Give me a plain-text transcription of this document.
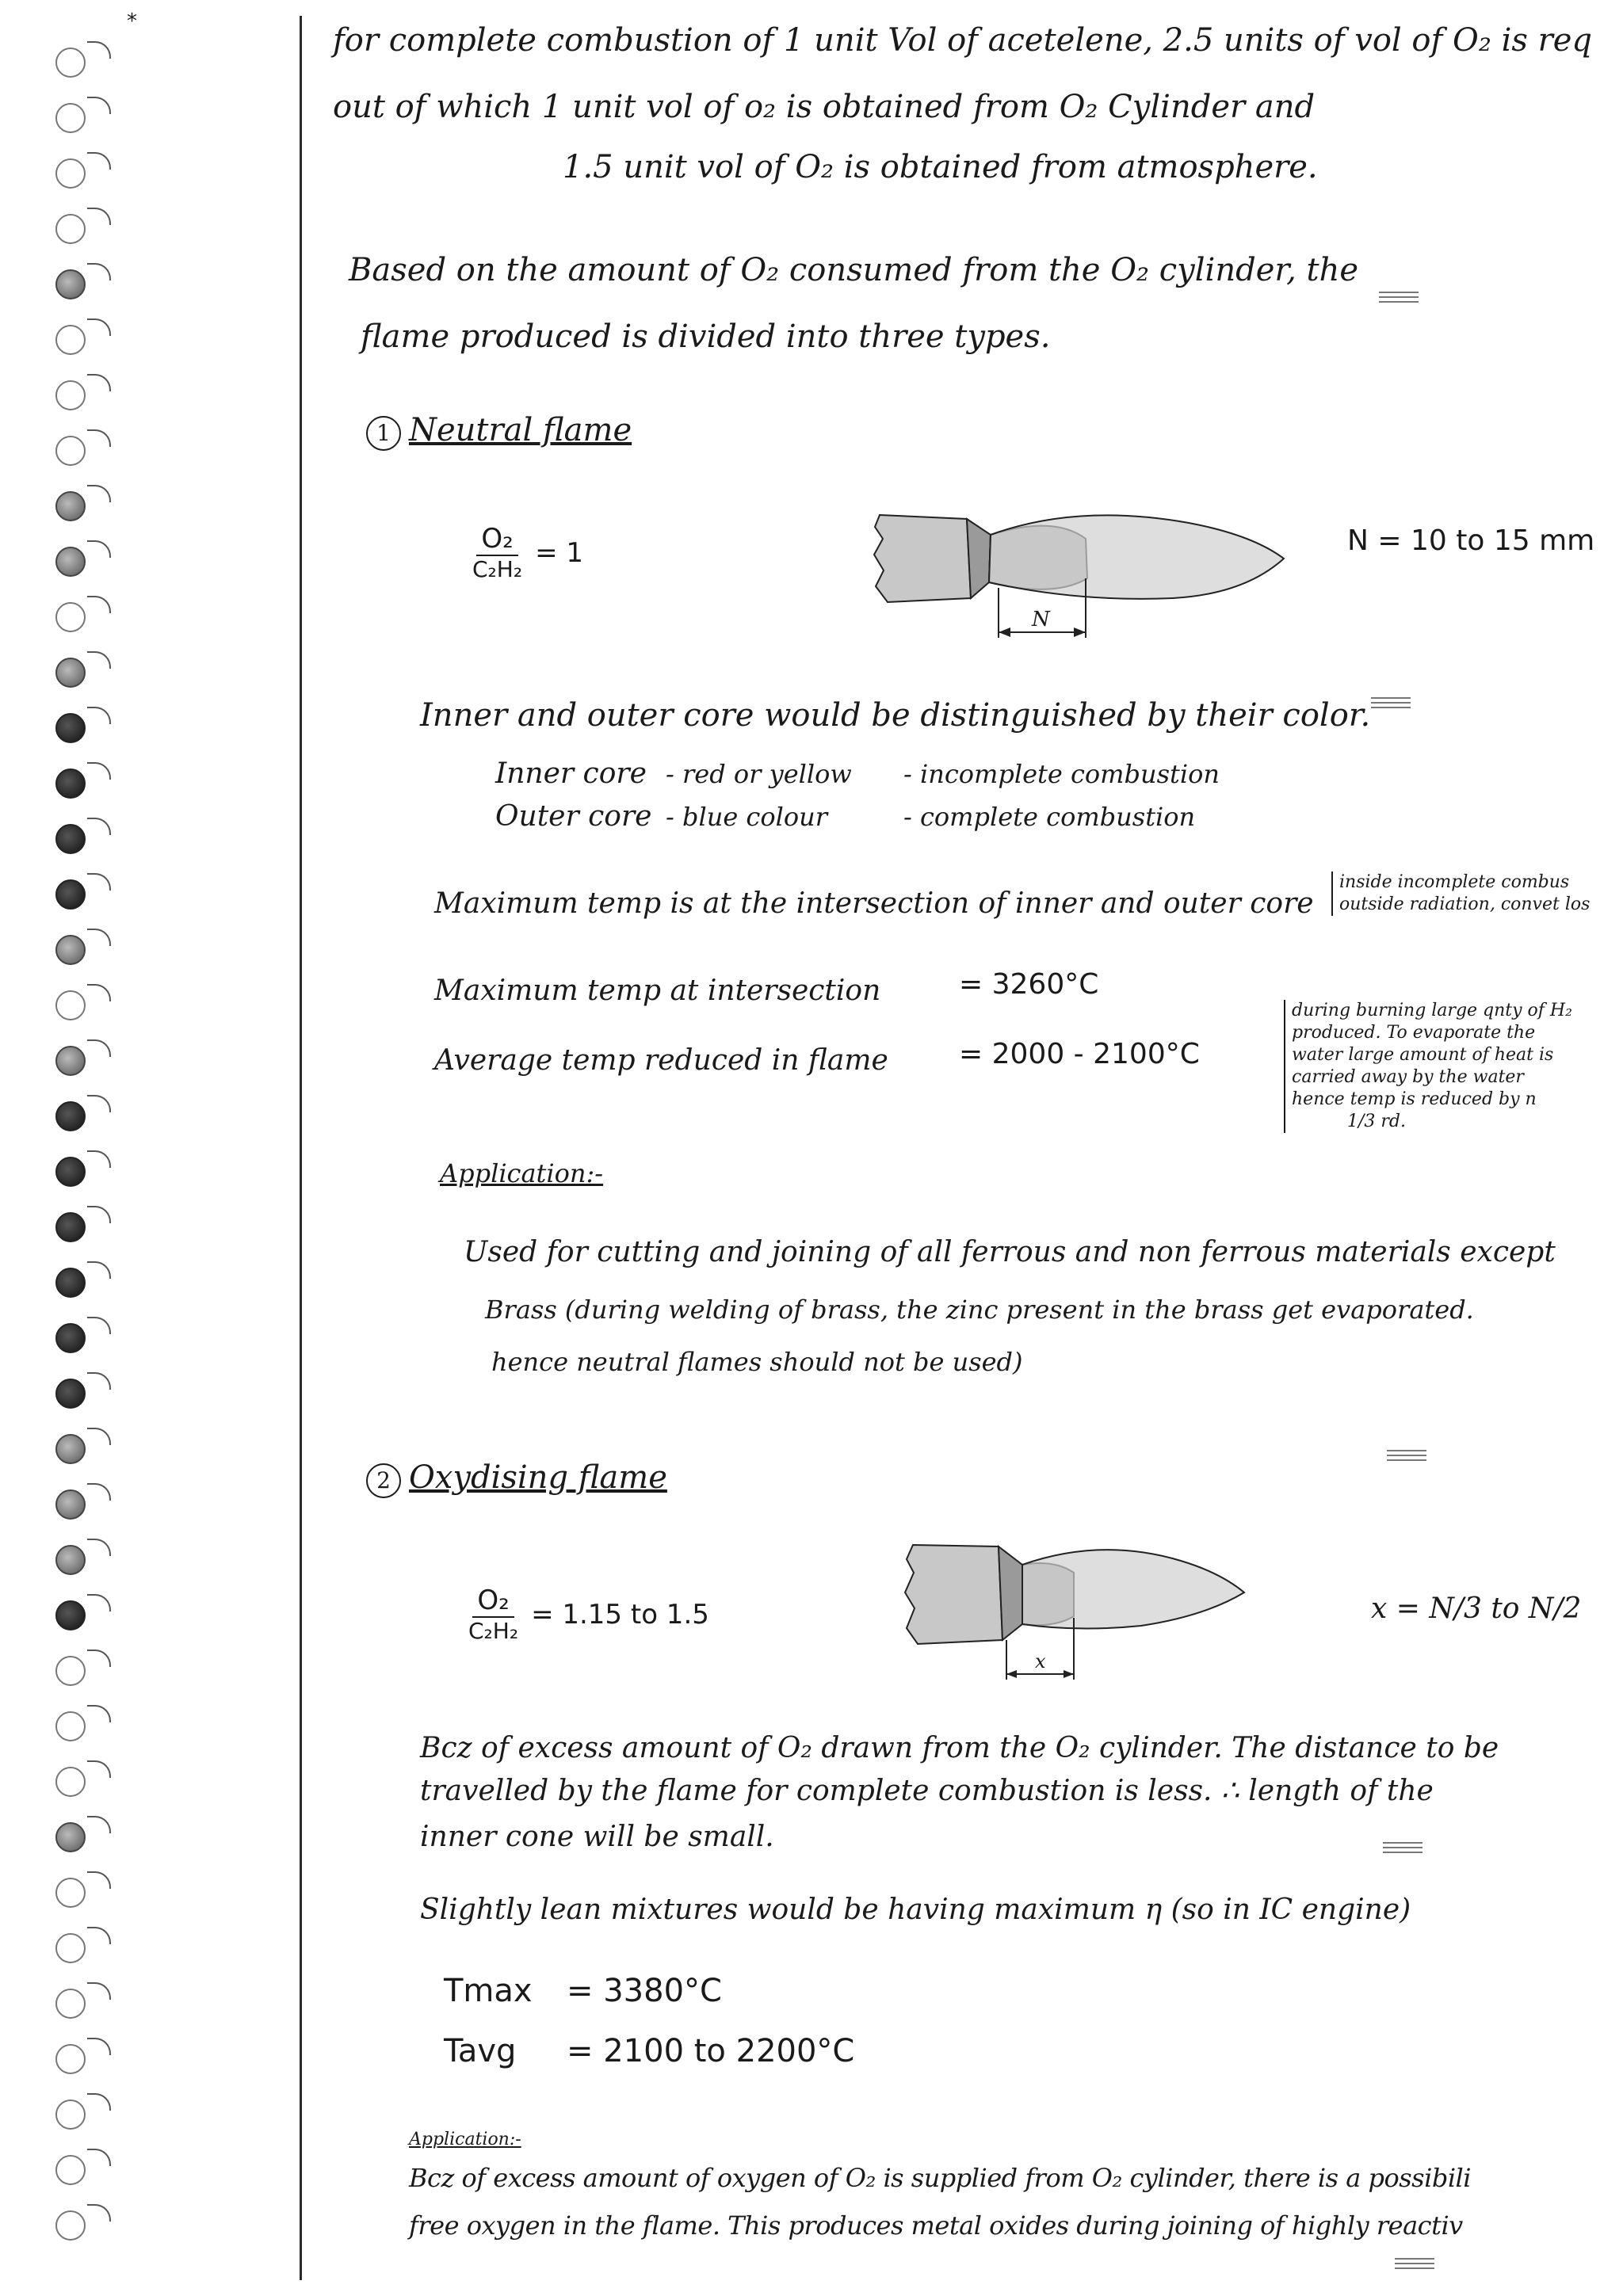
*
for complete combustion of 1 unit Vol of acetelene, 2.5 units of vol of O₂ is req
out of which 1 unit vol of o₂ is obtained from O₂ Cylinder and
1.5 unit vol of O₂ is obtained from atmosphere.
Based on the amount of O₂ consumed from the O₂ cylinder, the
flame produced is divided into three types.
1 Neutral flame
O₂
C₂H₂
= 1
N
N = 10 to 15 mm
Inner and outer core would be distinguished by their color.
Inner core - red or yellow - incomplete combustion
Outer core - blue colour	- complete combustion
Maximum temp is at the intersection of inner and outer core
inside incomplete combus
outside radiation, convet los
Maximum temp at intersection	= 3260°C
Average temp reduced in flame = 2000 - 2100°C
during burning large qnty of H₂
produced. To evaporate the
water large amount of heat is
carried away by the water
hence temp is reduced by n
1/3 rd.
Application:-
Used for cutting and joining of all ferrous and non ferrous materials except
Brass (during welding of brass, the zinc present in the brass get evaporated.
hence neutral flames should not be used)
2 Oxydising flame
O₂
C₂H₂
= 1.15 to 1.5
x
x = N/3 to N/2
Bcz of excess amount of O₂ drawn from the O₂ cylinder. The distance to be
travelled by the flame for complete combustion is less. ∴ length of the
inner cone will be small.
Slightly lean mixtures would be having maximum η (so in IC engine)
Tmax = 3380°C
Tavg = 2100 to 2200°C
Application:-
Bcz of excess amount of oxygen of O₂ is supplied from O₂ cylinder, there is a possibili
free oxygen in the flame. This produces metal oxides during joining of highly reactiv
